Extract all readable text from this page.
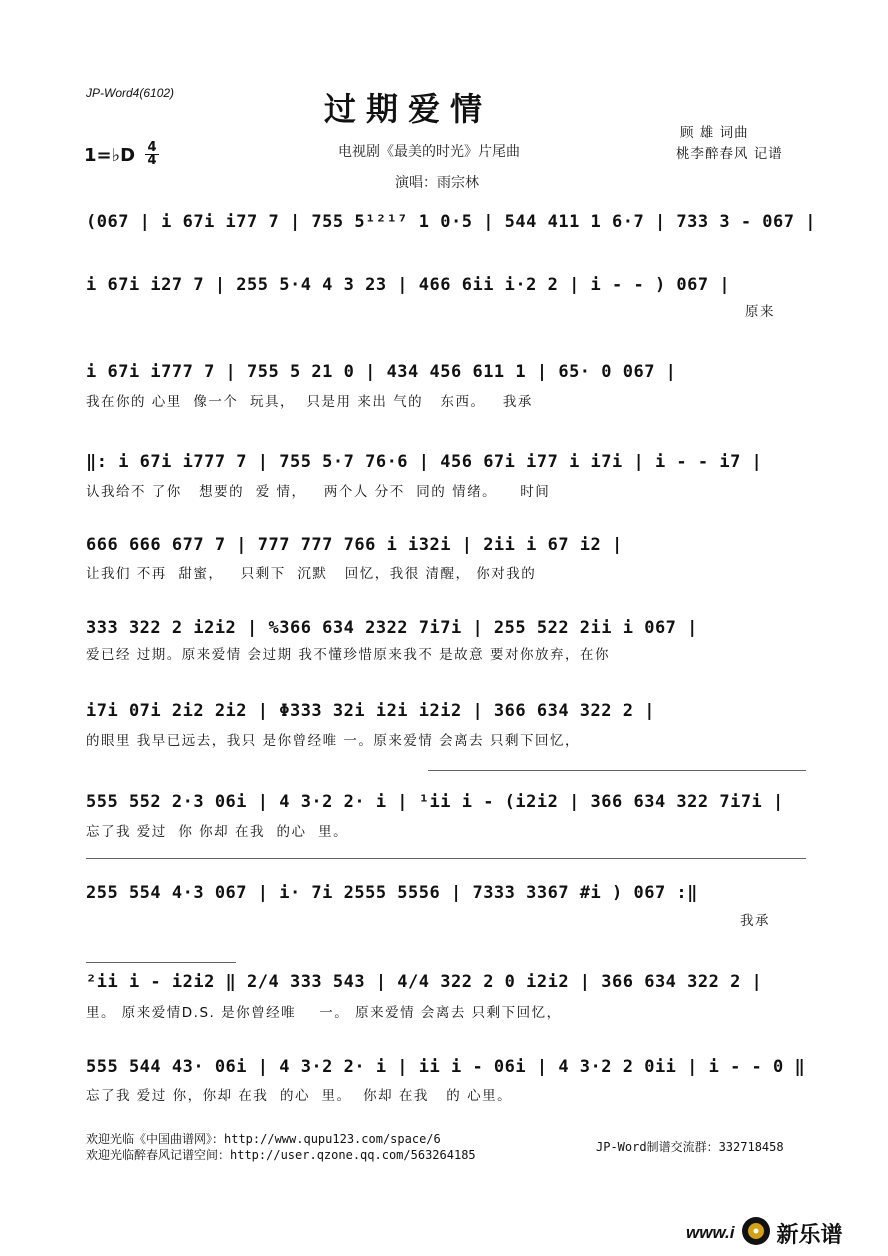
JP-Word4(6102)	过期爱情
电视剧《最美的时光》片尾曲
演唱：雨宗林
顾 雄 词曲
桃李醉春风 记谱
1=♭D 4
4
(067 | i 67i i77 7 | 755 5¹²¹⁷ 1 0·5 | 544 411 1 6·7 | 733 3 - 067 |
i 67i i27 7 | 255 5·4 4 3 23 | 466 6ii i·2 2 | i - - ) 067 |
原来
i 67i i777 7 | 755 5 21 0 | 434 456 611 1 | 65· 0 067 |
我在你的 心里  像一个  玩具，  只是用 来出 气的   东西。   我承
‖: i 67i i777 7 | 755 5·7 76·6 | 456 67i i77 i i7i | i - - i7 |
认我给不 了你   想要的  爱 情，   两个人 分不  同的 情绪。    时间
666 666 677 7 | 777 777 766 i i32i | 2ii i 67 i2 |
让我们 不再  甜蜜，   只剩下  沉默   回忆，我很 清醒， 你对我的
333 322 2 i2i2 | %366 634 2322 7i7i | 255 522 2ii i 067 |
爱已经 过期。原来爱情 会过期 我不懂珍惜原来我不 是故意 要对你放弃，在你
i7i 07i 2i2 2i2 | Φ333 32i i2i i2i2 | 366 634 322 2 |
的眼里 我早已远去，我只 是你曾经唯 一。原来爱情 会离去 只剩下回忆，
555 552 2·3 06i | 4 3·2 2· i | ¹ii i - (i2i2 | 366 634 322 7i7i |
忘了我 爱过  你 你却 在我  的心  里。
255 554 4·3 067 | i· 7i 2555 5556 | 7333 3367 #i ) 067 :‖
我承
²ii i - i2i2 ‖ 2/4 333 543 | 4/4 322 2 0 i2i2 | 366 634 322 2 |
里。 原来爱情D.S. 是你曾经唯    一。 原来爱情 会离去 只剩下回忆，
555 544 43· 06i | 4 3·2 2· i | ii i - 06i | 4 3·2 2 0ii | i - - 0 ‖
忘了我 爱过 你，你却 在我  的心  里。  你却 在我   的 心里。
欢迎光临《中国曲谱网》：http://www.qupu123.com/space/6
欢迎光临醉春风记谱空间：http://user.qzone.qq.com/563264185
JP-Word制谱交流群：332718458
www.i 新乐谱
